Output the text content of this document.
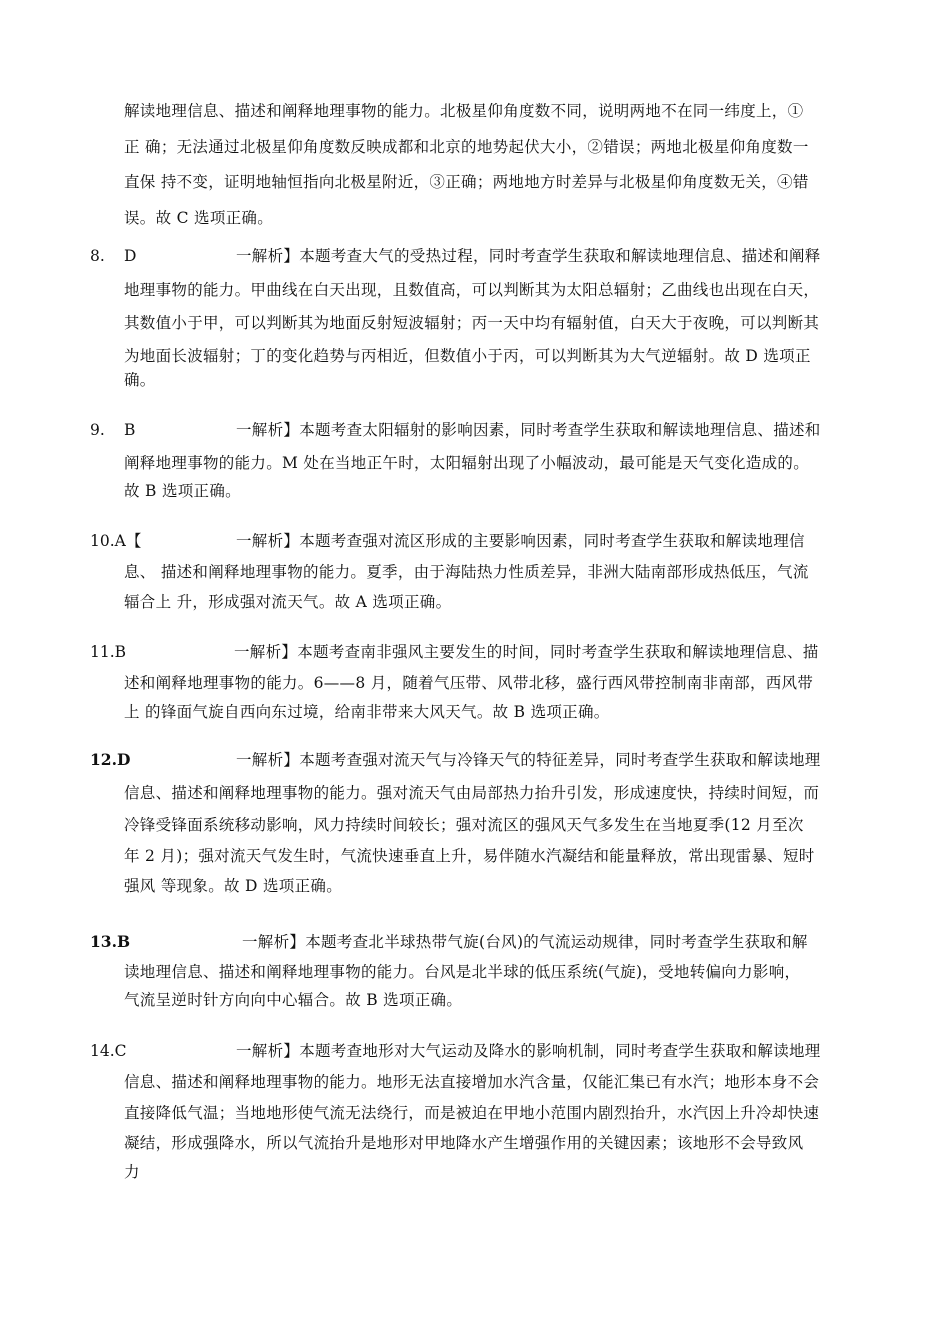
解读地理信息、描述和阐释地理事物的能力。北极星仰角度数不同，说明两地不在同一纬度上，①
正 确；无法通过北极星仰角度数反映成都和北京的地势起伏大小，②错误；两地北极星仰角度数一
直保 持不变，证明地轴恒指向北极星附近，③正确；两地地方时差异与北极星仰角度数无关，④错
误。故 C 选项正确。
8. D	一解析】本题考查大气的受热过程，同时考查学生获取和解读地理信息、描述和阐释
地理事物的能力。甲曲线在白天出现，且数值高，可以判断其为太阳总辐射；乙曲线也出现在白天，
其数值小于甲，可以判断其为地面反射短波辐射；丙一天中均有辐射值，白天大于夜晚，可以判断其
为地面长波辐射；丁的变化趋势与丙相近，但数值小于丙，可以判断其为大气逆辐射。故 D 选项正
确。
9. B	一解析】本题考查太阳辐射的影响因素，同时考查学生获取和解读地理信息、描述和
阐释地理事物的能力。M 处在当地正午时，太阳辐射出现了小幅波动，最可能是天气变化造成的。
故 B 选项正确。
10.A【	一解析】本题考查强对流区形成的主要影响因素，同时考查学生获取和解读地理信
息、 描述和阐释地理事物的能力。夏季，由于海陆热力性质差异，非洲大陆南部形成热低压，气流
辐合上 升，形成强对流天气。故 A 选项正确。
11.B	一解析】本题考查南非强风主要发生的时间，同时考查学生获取和解读地理信息、描
述和阐释地理事物的能力。6——8 月，随着气压带、风带北移，盛行西风带控制南非南部，西风带
上 的锋面气旋自西向东过境，给南非带来大风天气。故 B 选项正确。
12.D	一解析】本题考查强对流天气与冷锋天气的特征差异，同时考查学生获取和解读地理
信息、描述和阐释地理事物的能力。强对流天气由局部热力抬升引发，形成速度快，持续时间短，而
冷锋受锋面系统移动影响，风力持续时间较长；强对流区的强风天气多发生在当地夏季(12 月至次
年 2 月)；强对流天气发生时，气流快速垂直上升，易伴随水汽凝结和能量释放，常出现雷暴、短时
强风 等现象。故 D 选项正确。
13.B	一解析】本题考查北半球热带气旋(台风)的气流运动规律，同时考查学生获取和解
读地理信息、描述和阐释地理事物的能力。台风是北半球的低压系统(气旋)，受地转偏向力影响，
气流呈逆时针方向向中心辐合。故 B 选项正确。
14.C	一解析】本题考查地形对大气运动及降水的影响机制，同时考查学生获取和解读地理
信息、描述和阐释地理事物的能力。地形无法直接增加水汽含量，仅能汇集已有水汽；地形本身不会
直接降低气温；当地地形使气流无法绕行，而是被迫在甲地小范围内剧烈抬升，水汽因上升冷却快速
凝结，形成强降水，所以气流抬升是地形对甲地降水产生增强作用的关键因素；该地形不会导致风
力
